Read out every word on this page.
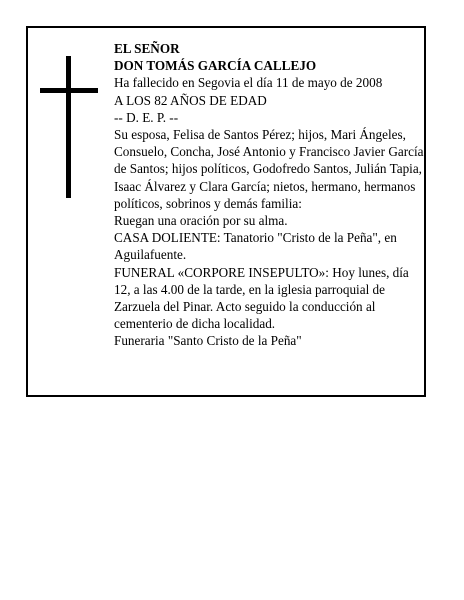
EL SEÑOR

DON TOMÁS GARCÍA CALLEJO

Ha fallecido en Segovia el día 11 de mayo de 2008

A LOS 82 AÑOS DE EDAD

-- D. E. P. --

Su esposa, Felisa de Santos Pérez; hijos, Mari Ángeles, Consuelo, Concha, José Antonio y Francisco Javier García de Santos; hijos políticos, Godofredo Santos, Julián Tapia, Isaac Álvarez y Clara García; nietos, hermano, hermanos políticos, sobrinos y demás familia:

Ruegan una oración por su alma.

CASA DOLIENTE: Tanatorio "Cristo de la Peña", en Aguilafuente.

FUNERAL «CORPORE INSEPULTO»: Hoy lunes, día 12, a las 4.00 de la tarde, en la iglesia parroquial de Zarzuela del Pinar. Acto seguido la conducción al cementerio de dicha localidad.

Funeraria "Santo Cristo de la Peña"
